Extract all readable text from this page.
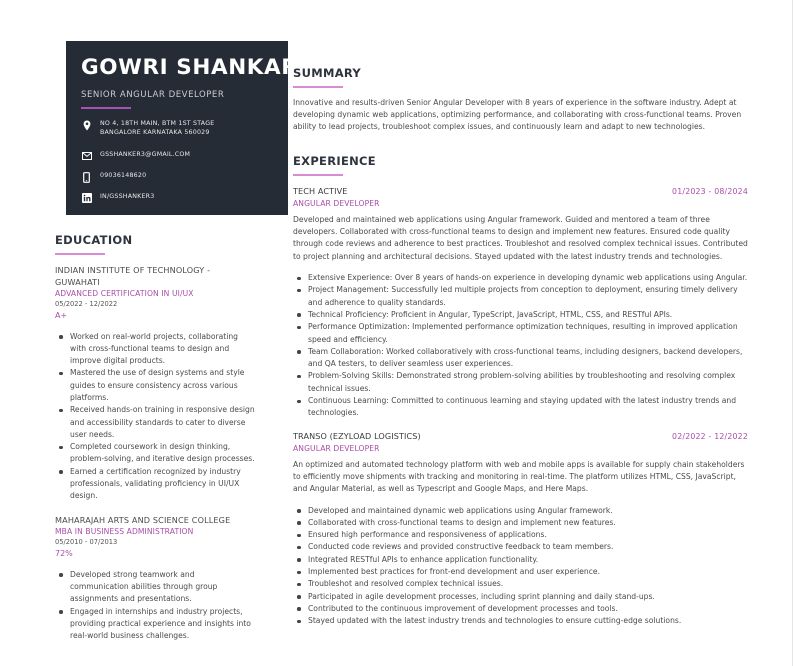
GOWRI SHANKAR
SENIOR ANGULAR DEVELOPER
NO 4, 18TH MAIN, BTM 1ST STAGE
BANGALORE KARNATAKA 560029
GSSHANKER3@GMAIL.COM
09036148620
IN/GSSHANKER3
EDUCATION
INDIAN INSTITUTE OF TECHNOLOGY - GUWAHATI
ADVANCED CERTIFICATION IN UI/UX
05/2022 - 12/2022
A+
Worked on real-world projects, collaborating with cross-functional teams to design and improve digital products.
Mastered the use of design systems and style guides to ensure consistency across various platforms.
Received hands-on training in responsive design and accessibility standards to cater to diverse user needs.
Completed coursework in design thinking, problem-solving, and iterative design processes.
Earned a certification recognized by industry professionals, validating proficiency in UI/UX design.
MAHARAJAH ARTS AND SCIENCE COLLEGE
MBA IN BUSINESS ADMINISTRATION
05/2010 - 07/2013
72%
Developed strong teamwork and communication abilities through group assignments and presentations.
Engaged in internships and industry projects, providing practical experience and insights into real-world business challenges.
SUMMARY

Innovative and results-driven Senior Angular Developer with 8 years of experience in the software industry. Adept at developing dynamic web applications, optimizing performance, and collaborating with cross-functional teams. Proven ability to lead projects, troubleshoot complex issues, and continuously learn and adapt to new technologies.

EXPERIENCE
TECH ACTIVE	01/2023 - 08/2024
ANGULAR DEVELOPER

Developed and maintained web applications using Angular framework. Guided and mentored a team of three developers. Collaborated with cross-functional teams to design and implement new features. Ensured code quality through code reviews and adherence to best practices. Troubleshot and resolved complex technical issues. Contributed to project planning and architectural decisions. Stayed updated with the latest industry trends and technologies.

Extensive Experience: Over 8 years of hands-on experience in developing dynamic web applications using Angular.
Project Management: Successfully led multiple projects from conception to deployment, ensuring timely delivery and adherence to quality standards.
Technical Proficiency: Proficient in Angular, TypeScript, JavaScript, HTML, CSS, and RESTful APIs.
Performance Optimization: Implemented performance optimization techniques, resulting in improved application speed and efficiency.
Team Collaboration: Worked collaboratively with cross-functional teams, including designers, backend developers, and QA testers, to deliver seamless user experiences.
Problem-Solving Skills: Demonstrated strong problem-solving abilities by troubleshooting and resolving complex technical issues.
Continuous Learning: Committed to continuous learning and staying updated with the latest industry trends and technologies.
TRANSO (EZYLOAD LOGISTICS)	02/2022 - 12/2022
ANGULAR DEVELOPER

An optimized and automated technology platform with web and mobile apps is available for supply chain stakeholders to efficiently move shipments with tracking and monitoring in real-time. The platform utilizes HTML, CSS, JavaScript, and Angular Material, as well as Typescript and Google Maps, and Here Maps.

Developed and maintained dynamic web applications using Angular framework.
Collaborated with cross-functional teams to design and implement new features.
Ensured high performance and responsiveness of applications.
Conducted code reviews and provided constructive feedback to team members.
Integrated RESTful APIs to enhance application functionality.
Implemented best practices for front-end development and user experience.
Troubleshot and resolved complex technical issues.
Participated in agile development processes, including sprint planning and daily stand-ups.
Contributed to the continuous improvement of development processes and tools.
Stayed updated with the latest industry trends and technologies to ensure cutting-edge solutions.
